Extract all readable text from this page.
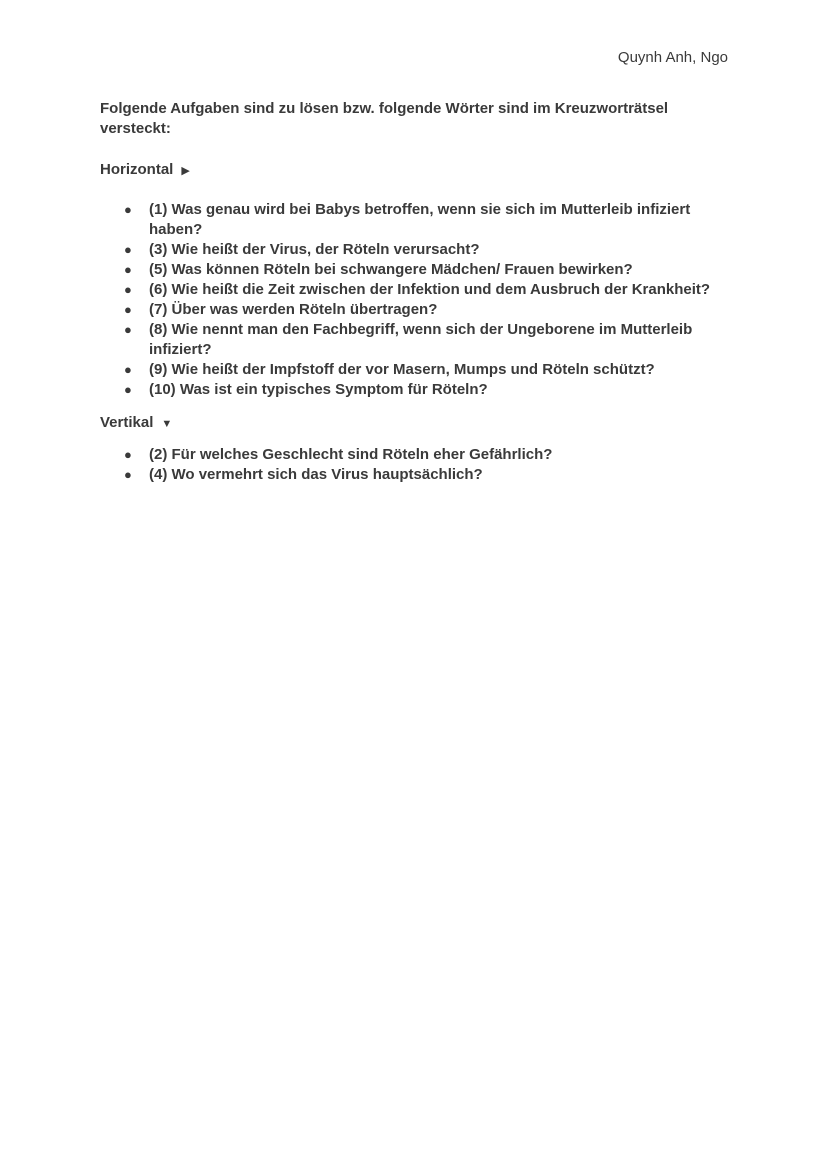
Quynh Anh, Ngo
Folgende Aufgaben sind zu lösen bzw. folgende Wörter sind im Kreuzworträtsel versteckt:
Horizontal ▶
● (1) Was genau wird bei Babys betroffen, wenn sie sich im Mutterleib infiziert haben?
● (3) Wie heißt der Virus, der Röteln verursacht?
● (5) Was können Röteln bei schwangere Mädchen/ Frauen bewirken?
● (6) Wie heißt die Zeit zwischen der Infektion und dem Ausbruch der Krankheit?
● (7) Über was werden Röteln übertragen?
● (8) Wie nennt man den Fachbegriff, wenn sich der Ungeborene im Mutterleib infiziert?
● (9) Wie heißt der Impfstoff der vor Masern, Mumps und Röteln schützt?
● (10) Was ist ein typisches Symptom für Röteln?
Vertikal ▼
● (2) Für welches Geschlecht sind Röteln eher Gefährlich?
● (4) Wo vermehrt sich das Virus hauptsächlich?
